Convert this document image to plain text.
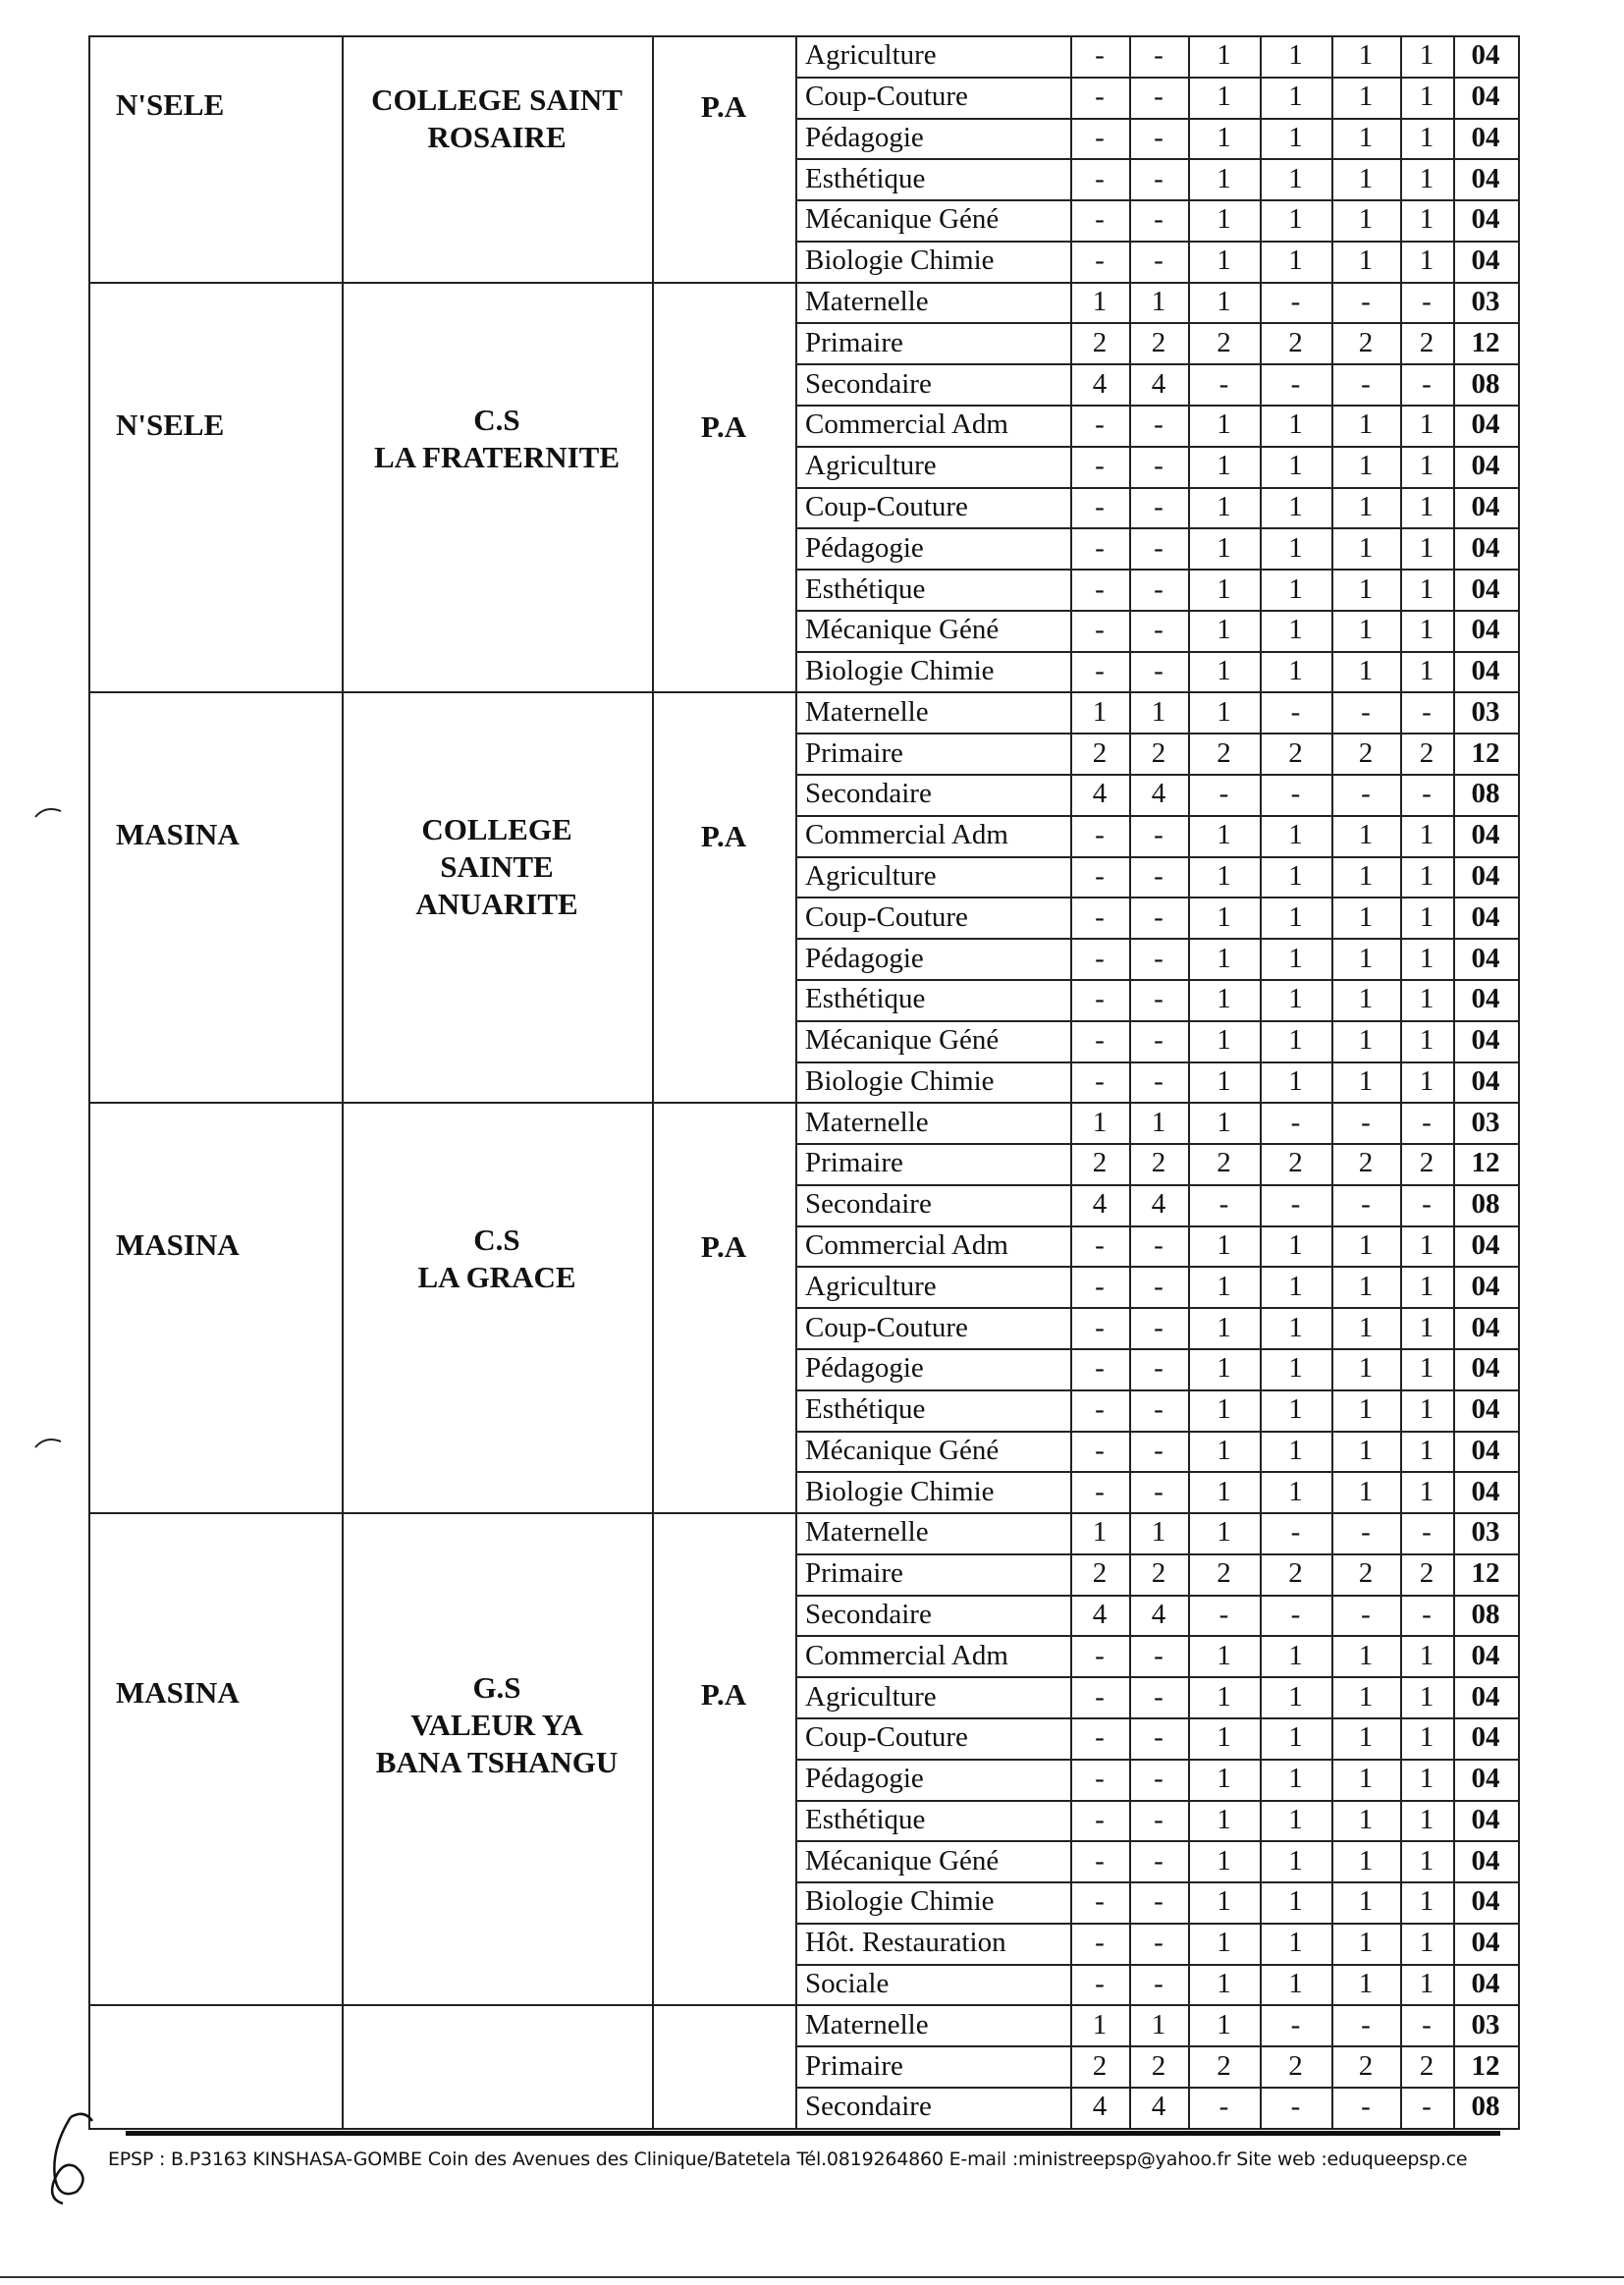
N'SELE	COLLEGE SAINT
ROSAIRE
P.A
Agriculture	-	-	1	1	1	1	04
Coup-Couture	-	-	1	1	1	1	04
Pédagogie	-	-	1	1	1	1	04
Esthétique	-	-	1	1	1	1	04
Mécanique Géné	-	-	1	1	1	1	04
Biologie Chimie	-	-	1	1	1	1	04
N'SELE	C.S
LA FRATERNITE
P.A
Maternelle	1	1	1	-	-	-	03
Primaire	2	2	2	2	2	2	12
Secondaire	4	4	-	-	-	-	08
Commercial Adm	-	-	1	1	1	1	04
Agriculture	-	-	1	1	1	1	04
Coup-Couture	-	-	1	1	1	1	04
Pédagogie	-	-	1	1	1	1	04
Esthétique	-	-	1	1	1	1	04
Mécanique Géné	-	-	1	1	1	1	04
Biologie Chimie	-	-	1	1	1	1	04
MASINA	COLLEGE
SAINTE
ANUARITE
P.A
Maternelle	1	1	1	-	-	-	03
Primaire	2	2	2	2	2	2	12
Secondaire	4	4	-	-	-	-	08
Commercial Adm	-	-	1	1	1	1	04
Agriculture	-	-	1	1	1	1	04
Coup-Couture	-	-	1	1	1	1	04
Pédagogie	-	-	1	1	1	1	04
Esthétique	-	-	1	1	1	1	04
Mécanique Géné	-	-	1	1	1	1	04
Biologie Chimie	-	-	1	1	1	1	04
MASINA	C.S
LA GRACE
P.A
Maternelle	1	1	1	-	-	-	03
Primaire	2	2	2	2	2	2	12
Secondaire	4	4	-	-	-	-	08
Commercial Adm	-	-	1	1	1	1	04
Agriculture	-	-	1	1	1	1	04
Coup-Couture	-	-	1	1	1	1	04
Pédagogie	-	-	1	1	1	1	04
Esthétique	-	-	1	1	1	1	04
Mécanique Géné	-	-	1	1	1	1	04
Biologie Chimie	-	-	1	1	1	1	04
MASINA	G.S
VALEUR YA
BANA TSHANGU
P.A
Maternelle	1	1	1	-	-	-	03
Primaire	2	2	2	2	2	2	12
Secondaire	4	4	-	-	-	-	08
Commercial Adm	-	-	1	1	1	1	04
Agriculture	-	-	1	1	1	1	04
Coup-Couture	-	-	1	1	1	1	04
Pédagogie	-	-	1	1	1	1	04
Esthétique	-	-	1	1	1	1	04
Mécanique Géné	-	-	1	1	1	1	04
Biologie Chimie	-	-	1	1	1	1	04
Hôt. Restauration	-	-	1	1	1	1	04
Sociale	-	-	1	1	1	1	04
Maternelle	1	1	1	-	-	-	03
Primaire	2	2	2	2	2	2	12
Secondaire	4	4	-	-	-	-	08
EPSP : B.P3163 KINSHASA-GOMBE Coin des Avenues des Clinique/Batetela Tél.0819264860 E-mail :ministreepsp@yahoo.fr Site web :eduqueepsp.ce
